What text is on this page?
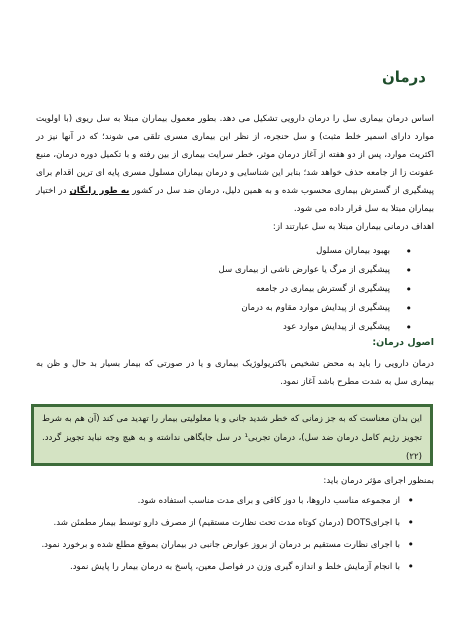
درمان

اساس درمان بیماری سل را درمان دارویی تشکیل می دهد. بطور معمول بیماران مبتلا به سل ریوی (با اولویت موارد دارای اسمیر خلط مثبت) و سل حنجره، از نظر این بیماری مسری تلقی می شوند؛ که در آنها نیز در اکثریت موارد، پس از دو هفته از آغاز درمان موثر، خطر سرایت بیماری از بین رفته و با تکمیل دوره درمان، منبع عفونت زا از جامعه حذف خواهد شد؛ بنابر این شناسایی و درمان بیماران مسلول مسری پایه ای ترین اقدام برای پیشگیری از گسترش بیماری محسوب شده و به همین دلیل، درمان ضد سل در کشور به طور رایگان در اختیار بیماران مبتلا به سل قرار داده می شود.

اهداف درمانی بیماران مبتلا به سل عبارتند از:

• بهبود بیماران مسلول
• پیشگیری از مرگ یا عوارض ناشی از بیماری سل
• پیشگیری از گسترش بیماری در جامعه
• پیشگیری از پیدایش موارد مقاوم به درمان
• پیشگیری از پیدایش موارد عود

اصول درمان:

درمان دارویی را باید به محض تشخیص باکتریولوژیک بیماری و یا در صورتی که بیمار بسیار بد حال و ظن به بیماری سل به شدت مطرح باشد آغاز نمود.

این بدان معناست که به جز زمانی که خطر شدید جانی و یا معلولیتی بیمار را تهدید می کند (آن هم به شرط تجویز رژیم کامل درمان ضد سل)، درمان تجربی¹ در سل جایگاهی نداشته و به هیچ وجه نباید تجویز گردد. (۲۲)

بمنظور اجرای مؤثر درمان باید:

• از مجموعه مناسب داروها، با دوز کافی و برای مدت مناسب استفاده شود.
• با اجرایDOTS (درمان کوتاه مدت تحت نظارت مستقیم) از مصرف دارو توسط بیمار مطمئن شد.
• با اجرای نظارت مستقیم بر درمان از بروز عوارض جانبی در بیماران بموقع مطلع شده و برخورد نمود.
• با انجام آزمایش خلط و اندازه گیری وزن در فواصل معین، پاسخ به درمان بیمار را پایش نمود.
